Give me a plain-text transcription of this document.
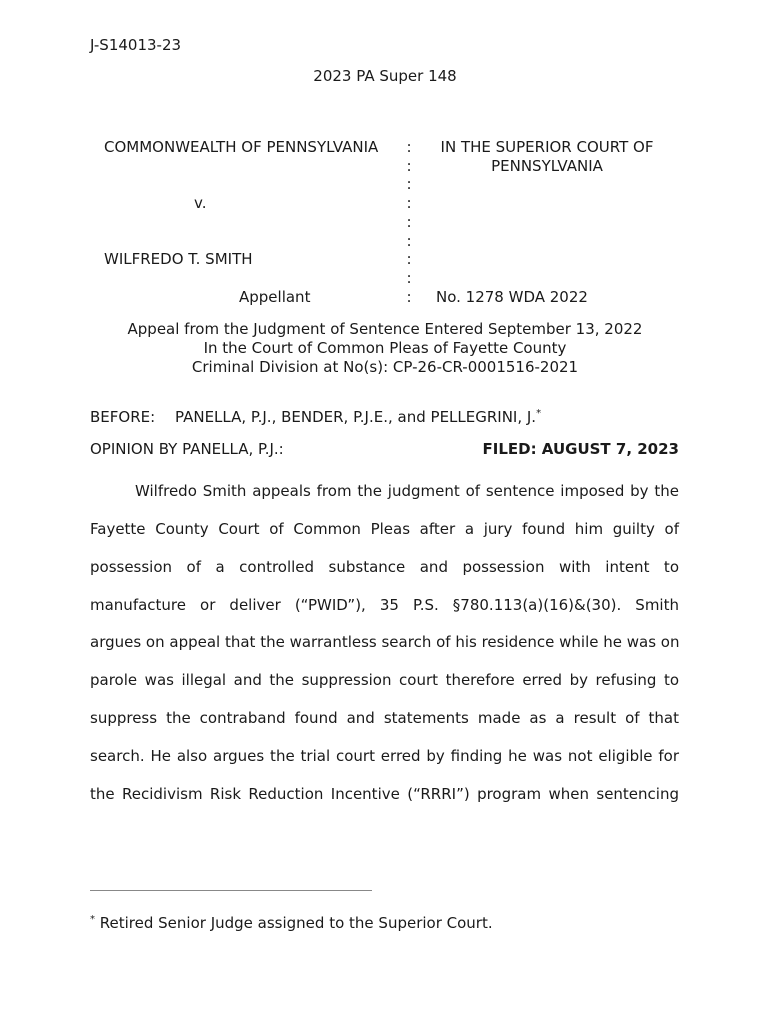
J-S14013-23
2023 PA Super 148
COMMONWEALTH OF PENNSYLVANIA
v.
WILFREDO T. SMITH
Appellant
:
:
:
:
:
:
:
:
:
IN THE SUPERIOR COURT OF
PENNSYLVANIA
No. 1278 WDA 2022
Appeal from the Judgment of Sentence Entered September 13, 2022
In the Court of Common Pleas of Fayette County
Criminal Division at No(s): CP-26-CR-0001516-2021
BEFORE: PANELLA, P.J., BENDER, P.J.E., and PELLEGRINI, J.*
OPINION BY PANELLA, P.J.:	FILED: AUGUST 7, 2023
Wilfredo Smith appeals from the judgment of sentence imposed by the
Fayette County Court of Common Pleas after a jury found him guilty of
possession of a controlled substance and possession with intent to
manufacture or deliver (“PWID”), 35 P.S. §780.113(a)(16)&(30). Smith
argues on appeal that the warrantless search of his residence while he was on
parole was illegal and the suppression court therefore erred by refusing to
suppress the contraband found and statements made as a result of that
search. He also argues the trial court erred by finding he was not eligible for
the Recidivism Risk Reduction Incentive (“RRRI”) program when sentencing
* Retired Senior Judge assigned to the Superior Court.
